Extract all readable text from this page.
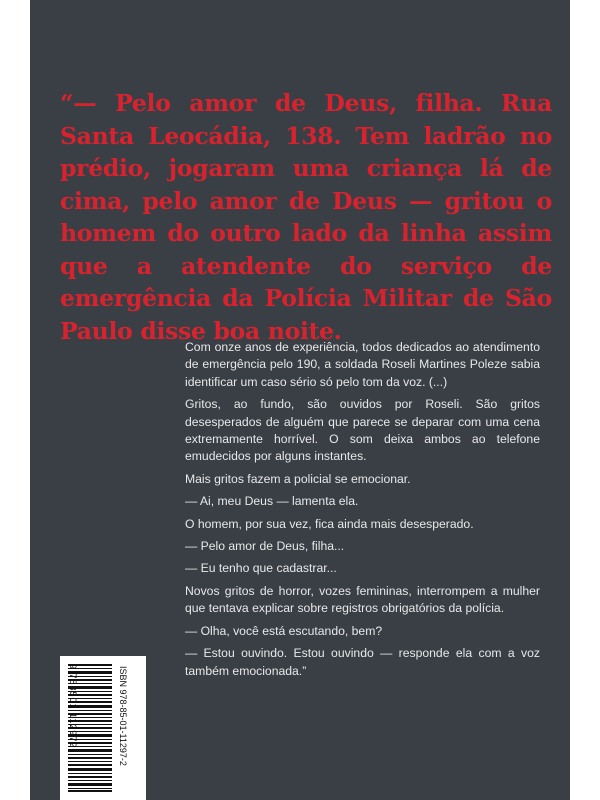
“— Pelo amor de Deus, filha. Rua Santa Leocádia, 138. Tem ladrão no prédio, jogaram uma criança lá de cima, pelo amor de Deus — gritou o homem do outro lado da linha assim que a atendente do serviço de emergência da Polícia Militar de São Paulo disse boa noite.

Com onze anos de experiência, todos dedicados ao atendimento de emergência pelo 190, a soldada Roseli Martines Poleze sabia identificar um caso sério só pelo tom da voz. (...)

Gritos, ao fundo, são ouvidos por Roseli. São gritos desesperados de alguém que parece se deparar com uma cena extremamente horrível. O som deixa ambos ao telefone emudecidos por alguns instantes.

Mais gritos fazem a policial se emocionar.

— Ai, meu Deus — lamenta ela.

O homem, por sua vez, fica ainda mais desesperado.

— Pelo amor de Deus, filha...

— Eu tenho que cadastrar...

Novos gritos de horror, vozes femininas, interrompem a mulher que tentava explicar sobre registros obrigatórios da polícia.

— Olha, você está escutando, bem?

— Estou ouvindo. Estou ouvindo — responde ela com a voz também emocionada.”

ISBN 978-85-01-11297-2
9 788501 112972
